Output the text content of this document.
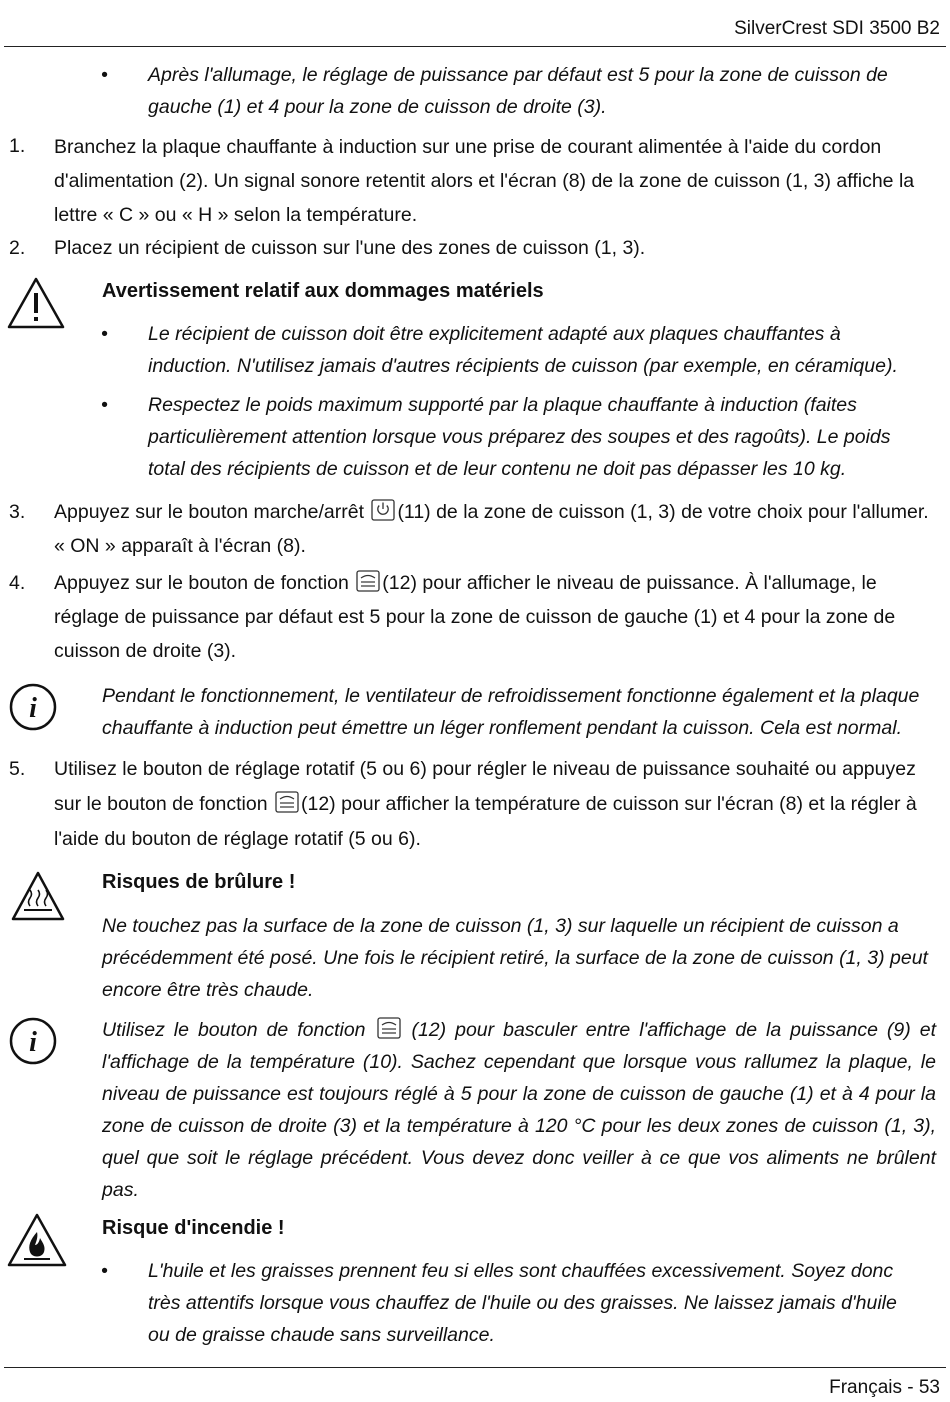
SilverCrest SDI 3500 B2
• Après l'allumage, le réglage de puissance par défaut est 5 pour la zone de cuisson de gauche (1) et 4 pour la zone de cuisson de droite (3).
1.	Branchez la plaque chauffante à induction sur une prise de courant alimentée à l'aide du cordon d'alimentation (2). Un signal sonore retentit alors et l'écran (8) de la zone de cuisson (1, 3) affiche la lettre « C » ou « H » selon la température.
2.	Placez un récipient de cuisson sur l'une des zones de cuisson (1, 3).
Avertissement relatif aux dommages matériels
• Le récipient de cuisson doit être explicitement adapté aux plaques chauffantes à induction. N'utilisez jamais d'autres récipients de cuisson (par exemple, en céramique).
• Respectez le poids maximum supporté par la plaque chauffante à induction (faites particulièrement attention lorsque vous préparez des soupes et des ragoûts). Le poids total des récipients de cuisson et de leur contenu ne doit pas dépasser les 10 kg.
3.	Appuyez sur le bouton marche/arrêt (11) de la zone de cuisson (1, 3) de votre choix pour l'allumer. « ON » apparaît à l'écran (8).
4.	Appuyez sur le bouton de fonction (12) pour afficher le niveau de puissance. À l'allumage, le réglage de puissance par défaut est 5 pour la zone de cuisson de gauche (1) et 4 pour la zone de cuisson de droite (3).
i	Pendant le fonctionnement, le ventilateur de refroidissement fonctionne également et la plaque chauffante à induction peut émettre un léger ronflement pendant la cuisson. Cela est normal.
5.	Utilisez le bouton de réglage rotatif (5 ou 6) pour régler le niveau de puissance souhaité ou appuyez sur le bouton de fonction (12) pour afficher la température de cuisson sur l'écran (8) et la régler à l'aide du bouton de réglage rotatif (5 ou 6).
Risques de brûlure !
Ne touchez pas la surface de la zone de cuisson (1, 3) sur laquelle un récipient de cuisson a précédemment été posé. Une fois le récipient retiré, la surface de la zone de cuisson (1, 3) peut encore être très chaude.
i	Utilisez le bouton de fonction (12) pour basculer entre l'affichage de la puissance (9) et l'affichage de la température (10). Sachez cependant que lorsque vous rallumez la plaque, le niveau de puissance est toujours réglé à 5 pour la zone de cuisson de gauche (1) et à 4 pour la zone de cuisson de droite (3) et la température à 120 °C pour les deux zones de cuisson (1, 3), quel que soit le réglage précédent. Vous devez donc veiller à ce que vos aliments ne brûlent pas.
Risque d'incendie !
• L'huile et les graisses prennent feu si elles sont chauffées excessivement. Soyez donc très attentifs lorsque vous chauffez de l'huile ou des graisses. Ne laissez jamais d'huile ou de graisse chaude sans surveillance.
Français - 53
